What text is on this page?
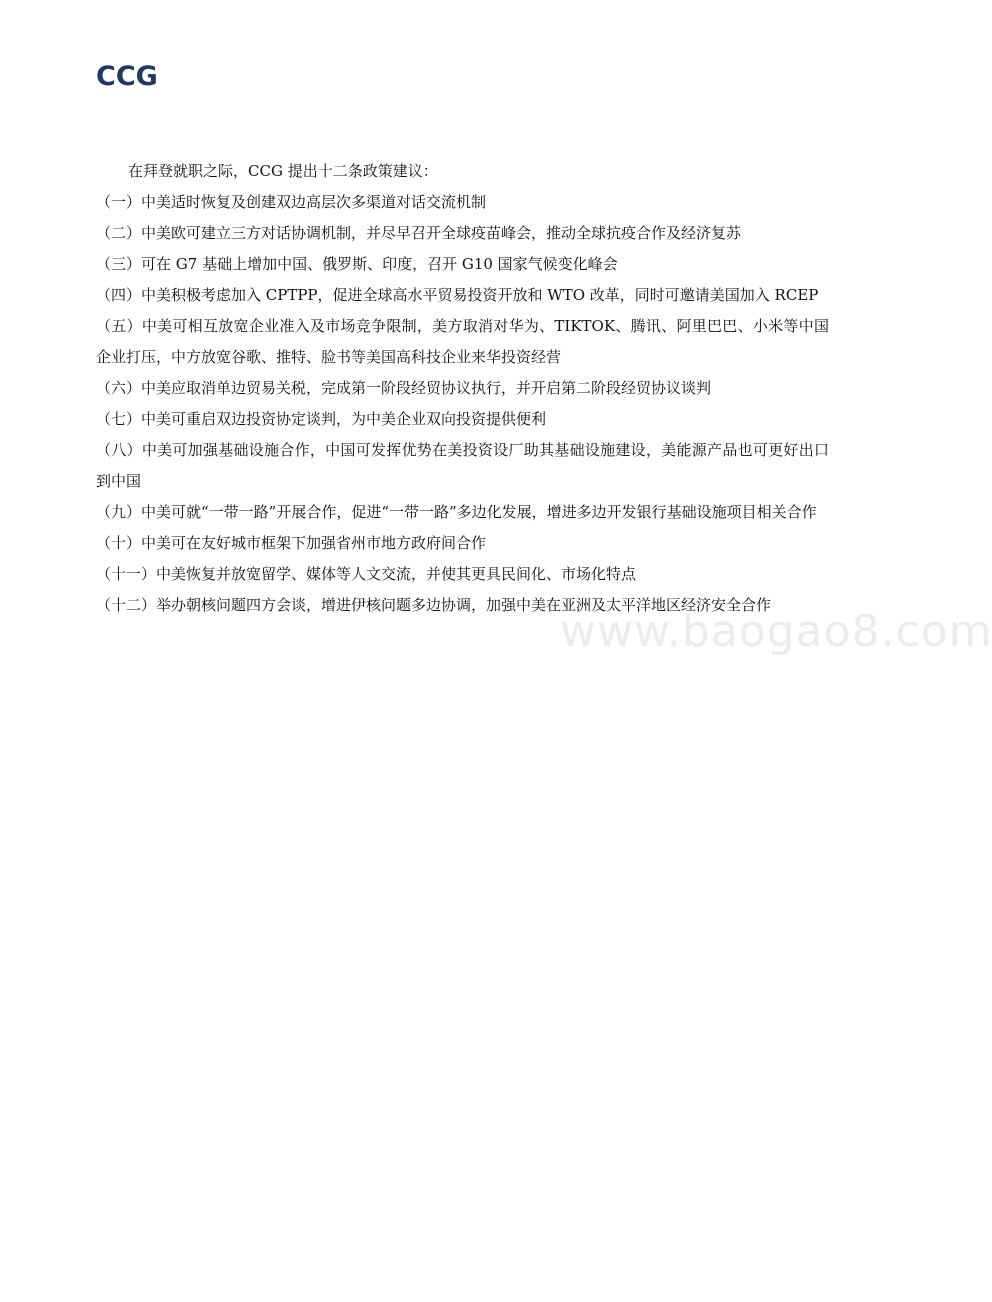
CCG
www.baogao8.com

在拜登就职之际，CCG 提出十二条政策建议：

（一）中美适时恢复及创建双边高层次多渠道对话交流机制

（二）中美欧可建立三方对话协调机制，并尽早召开全球疫苗峰会，推动全球抗疫合作及经济复苏

（三）可在 G7 基础上增加中国、俄罗斯、印度，召开 G10 国家气候变化峰会

（四）中美积极考虑加入 CPTPP，促进全球高水平贸易投资开放和 WTO 改革，同时可邀请美国加入 RCEP

（五）中美可相互放宽企业准入及市场竞争限制，美方取消对华为、TIKTOK、腾讯、阿里巴巴、小米等中国企业打压，中方放宽谷歌、推特、脸书等美国高科技企业来华投资经营

（六）中美应取消单边贸易关税，完成第一阶段经贸协议执行，并开启第二阶段经贸协议谈判

（七）中美可重启双边投资协定谈判，为中美企业双向投资提供便利

（八）中美可加强基础设施合作，中国可发挥优势在美投资设厂助其基础设施建设，美能源产品也可更好出口到中国

（九）中美可就“一带一路”开展合作，促进“一带一路”多边化发展，增进多边开发银行基础设施项目相关合作

（十）中美可在友好城市框架下加强省州市地方政府间合作

（十一）中美恢复并放宽留学、媒体等人文交流，并使其更具民间化、市场化特点

（十二）举办朝核问题四方会谈，增进伊核问题多边协调，加强中美在亚洲及太平洋地区经济安全合作
